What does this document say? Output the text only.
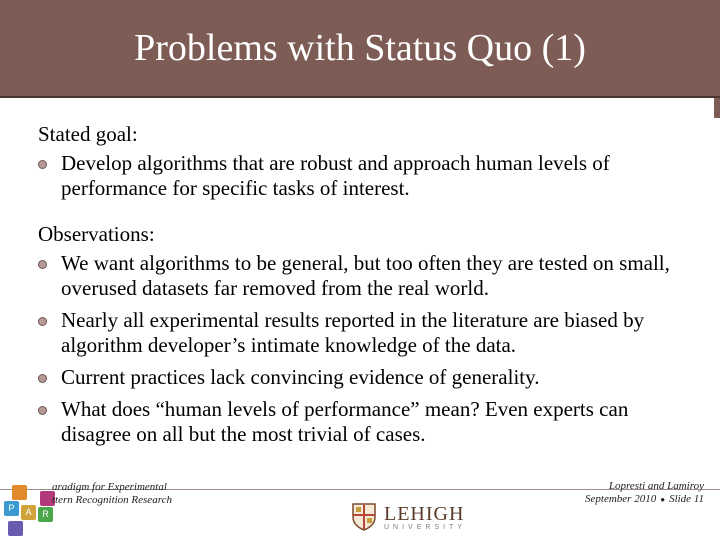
Problems with Status Quo (1)
Stated goal:
Develop algorithms that are robust and approach human levels of performance for specific tasks of interest.
Observations:
We want algorithms to be general, but too often they are tested on small, overused datasets far removed from the real world.
Nearly all experimental results reported in the literature are biased by algorithm developer’s intimate knowledge of the data.
Current practices lack convincing evidence of generality.
What does “human levels of performance” mean? Even experts can disagree on all but the most trivial of cases.
P	A	R
aradigm for Experimental
ttern Recognition Research
LEHIGH
UNIVERSITY
Lopresti and Lamiroy
September 2010 ● Slide 11
